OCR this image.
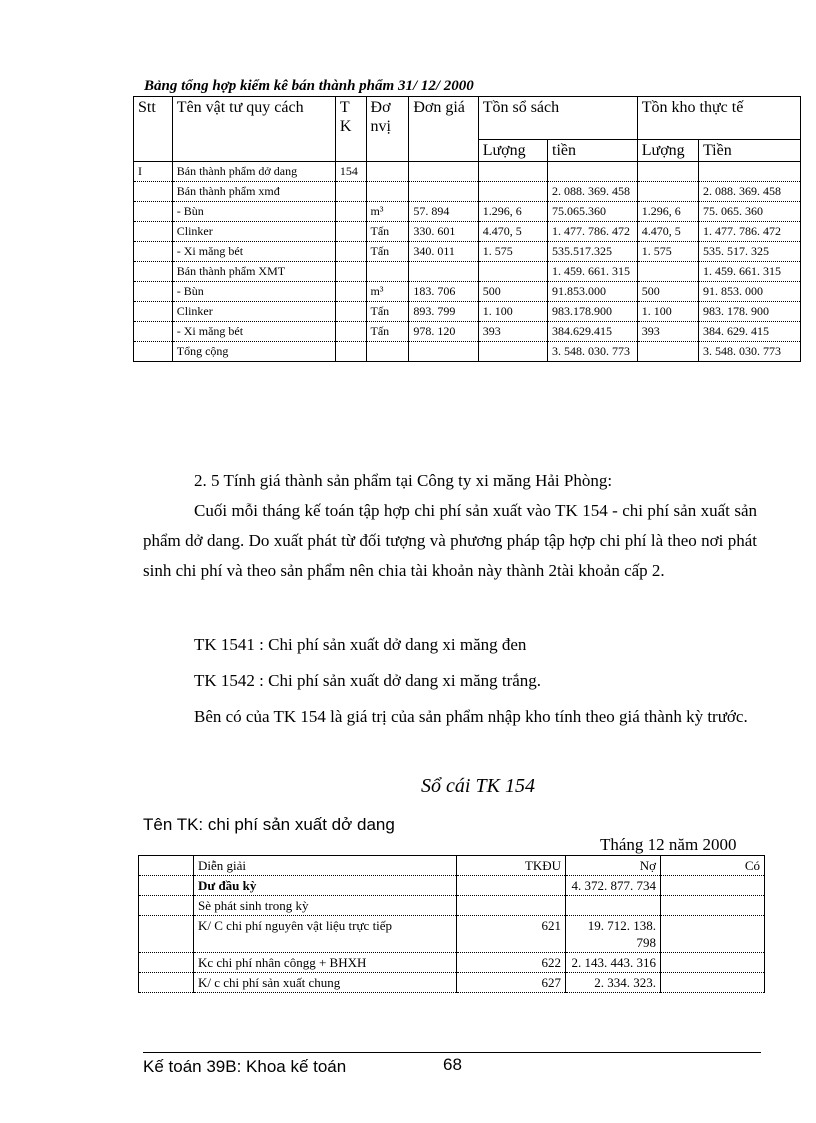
Bảng tổng hợp kiểm kê bán thành phẩm 31/ 12/ 2000
Stt	Tên vật tư quy cách	T K	Đơ nvị	Đơn giá	Tồn sổ sách		Tồn kho thực tế	
					Lượng	tiền	Lượng	Tiền
I	Bán thành phẩm dở dang	154						
	Bán thành phẩm xmđ					2. 088. 369. 458		2. 088. 369. 458
	- Bùn		m³	57. 894	1.296, 6	75.065.360	1.296, 6	75. 065. 360
	Clinker		Tấn	330. 601	4.470, 5	1. 477. 786. 472	4.470, 5	1. 477. 786. 472
	- Xi măng bét		Tấn	340. 011	1. 575	535.517.325	1. 575	535. 517. 325
	Bán thành phẩm XMT					1. 459. 661. 315		1. 459. 661. 315
	- Bùn		m³	183. 706	500	91.853.000	500	91. 853. 000
	Clinker		Tấn	893. 799	1. 100	983.178.900	1. 100	983. 178. 900
	- Xi măng bét		Tấn	978. 120	393	384.629.415	393	384. 629. 415
	Tổng cộng					3. 548. 030. 773		3. 548. 030. 773
2. 5 Tính giá thành sản phẩm tại Công ty xi măng Hải Phòng:
Cuối mỗi tháng kế toán tập hợp chi phí sản xuất vào TK 154 - chi phí sản xuất sản phẩm dở dang. Do xuất phát từ đối tượng và phương pháp tập hợp chi phí là theo nơi phát sinh chi phí và theo sản phẩm nên chia tài khoản này thành 2tài khoản cấp 2.
TK 1541 : Chi phí sản xuất dở dang xi măng đen
TK 1542 : Chi phí sản xuất dở dang xi măng trắng.
Bên có của TK 154 là giá trị của sản phẩm nhập kho tính theo giá thành kỳ trước.
Sổ cái TK 154
Tên TK: chi phí sản xuất dở dang
Tháng 12 năm 2000
	Diễn giải	TKĐU	Nợ	Có
	Dư đầu kỳ		4. 372. 877. 734	
	Sè phát sinh trong kỳ			
	K/ C chi phí nguyên vật liệu trực tiếp	621	19. 712. 138. 798	
	Kc chi phí nhân côngg + BHXH	622	2. 143. 443. 316	
	K/ c chi phí sản xuất chung	627	2. 334. 323.	
Kế toán 39B: Khoa kế toán	68
